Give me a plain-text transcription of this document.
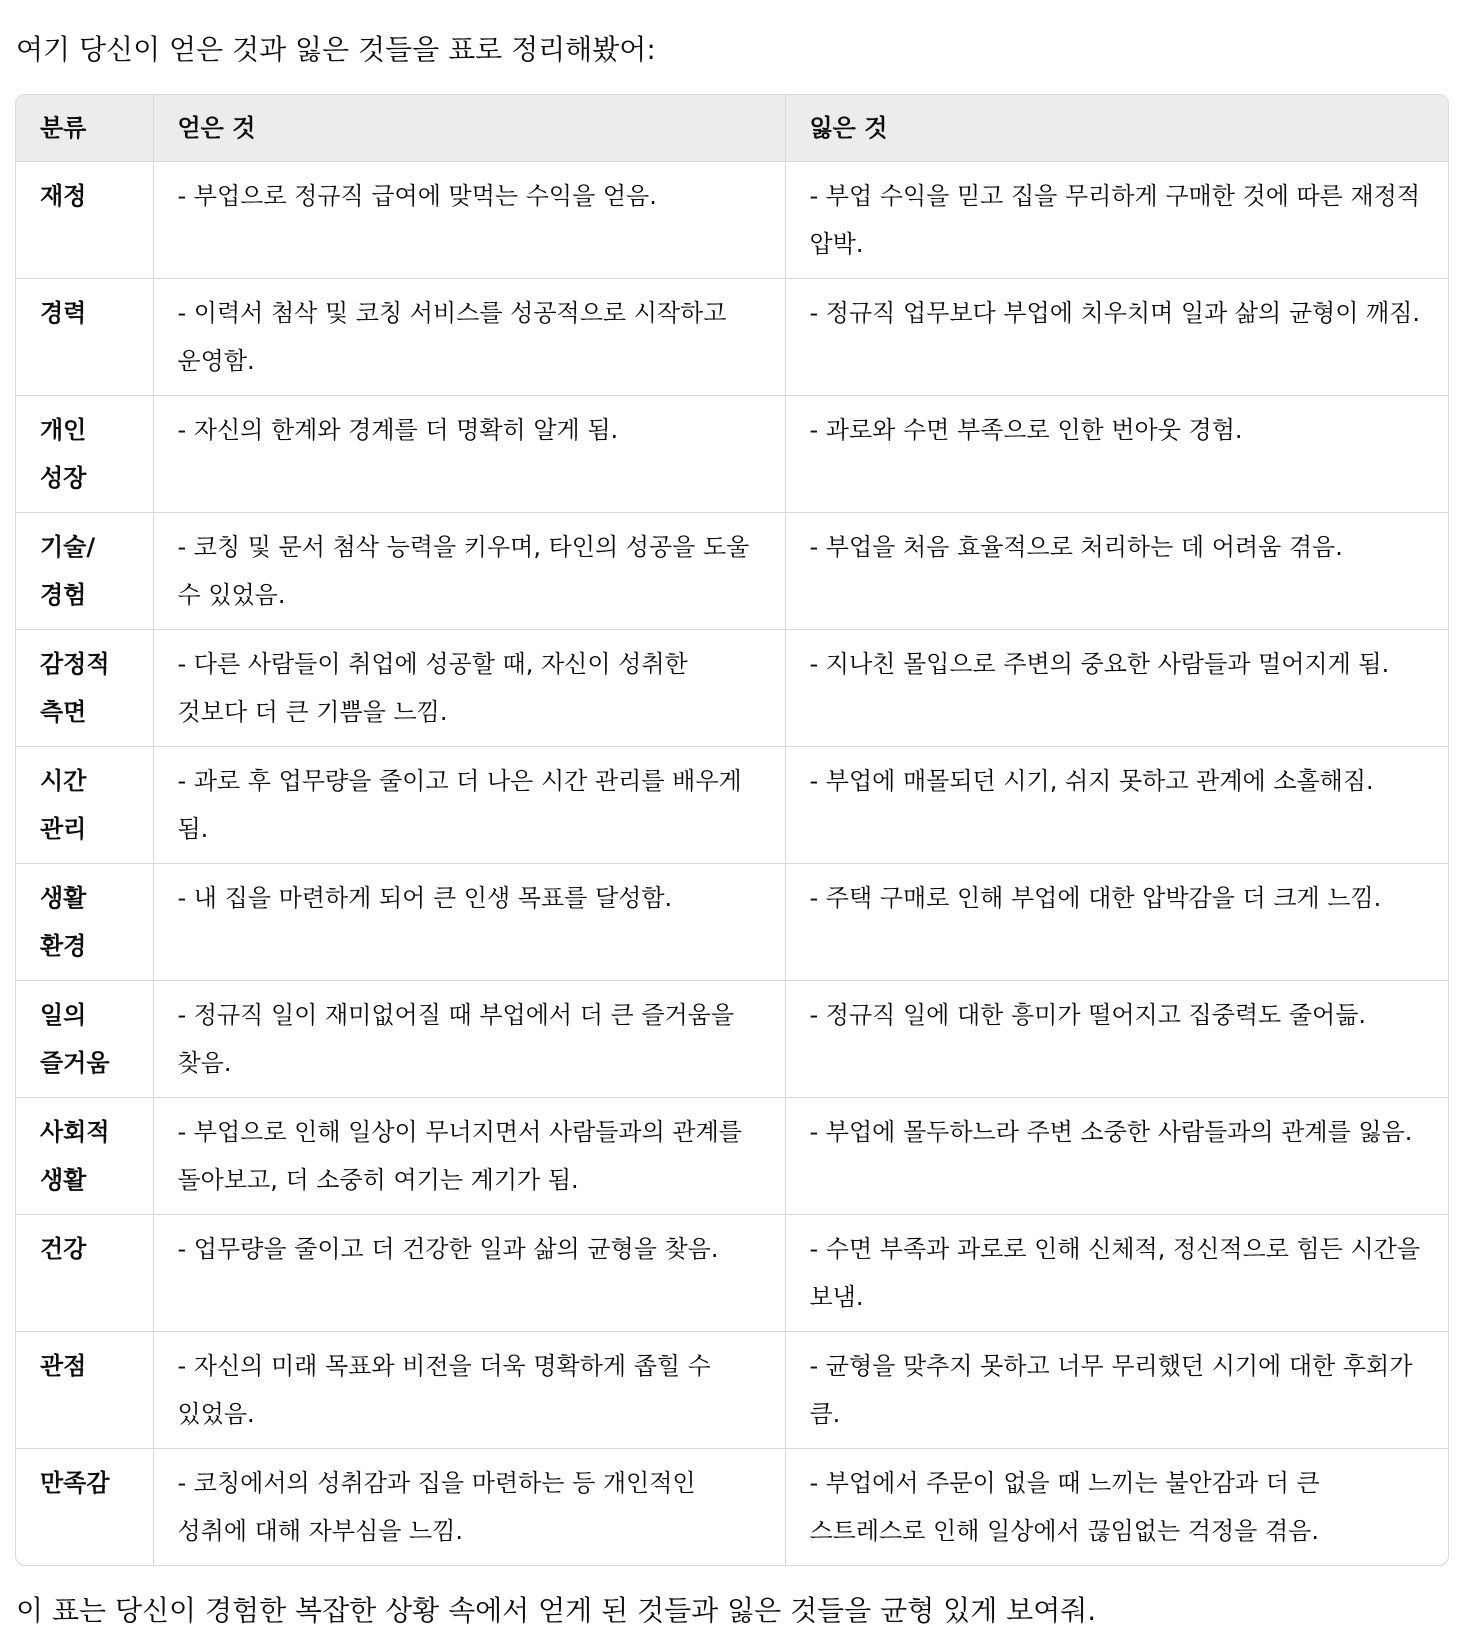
여기 당신이 얻은 것과 잃은 것들을 표로 정리해봤어:

분류	얻은 것	잃은 것
재정	- 부업으로 정규직 급여에 맞먹는 수익을 얻음.	- 부업 수익을 믿고 집을 무리하게 구매한 것에 따른 재정적 압박.
경력	- 이력서 첨삭 및 코칭 서비스를 성공적으로 시작하고 운영함.	- 정규직 업무보다 부업에 치우치며 일과 삶의 균형이 깨짐.
개인 성장	- 자신의 한계와 경계를 더 명확히 알게 됨.	- 과로와 수면 부족으로 인한 번아웃 경험.
기술/경험	- 코칭 및 문서 첨삭 능력을 키우며, 타인의 성공을 도울 수 있었음.	- 부업을 처음 효율적으로 처리하는 데 어려움 겪음.
감정적 측면	- 다른 사람들이 취업에 성공할 때, 자신이 성취한 것보다 더 큰 기쁨을 느낌.	- 지나친 몰입으로 주변의 중요한 사람들과 멀어지게 됨.
시간 관리	- 과로 후 업무량을 줄이고 더 나은 시간 관리를 배우게 됨.	- 부업에 매몰되던 시기, 쉬지 못하고 관계에 소홀해짐.
생활 환경	- 내 집을 마련하게 되어 큰 인생 목표를 달성함.	- 주택 구매로 인해 부업에 대한 압박감을 더 크게 느낌.
일의 즐거움	- 정규직 일이 재미없어질 때 부업에서 더 큰 즐거움을 찾음.	- 정규직 일에 대한 흥미가 떨어지고 집중력도 줄어듦.
사회적 생활	- 부업으로 인해 일상이 무너지면서 사람들과의 관계를 돌아보고, 더 소중히 여기는 계기가 됨.	- 부업에 몰두하느라 주변 소중한 사람들과의 관계를 잃음.
건강	- 업무량을 줄이고 더 건강한 일과 삶의 균형을 찾음.	- 수면 부족과 과로로 인해 신체적, 정신적으로 힘든 시간을 보냄.
관점	- 자신의 미래 목표와 비전을 더욱 명확하게 좁힐 수 있었음.	- 균형을 맞추지 못하고 너무 무리했던 시기에 대한 후회가 큼.
만족감	- 코칭에서의 성취감과 집을 마련하는 등 개인적인 성취에 대해 자부심을 느낌.	- 부업에서 주문이 없을 때 느끼는 불안감과 더 큰 스트레스로 인해 일상에서 끊임없는 걱정을 겪음.

이 표는 당신이 경험한 복잡한 상황 속에서 얻게 된 것들과 잃은 것들을 균형 있게 보여줘.
